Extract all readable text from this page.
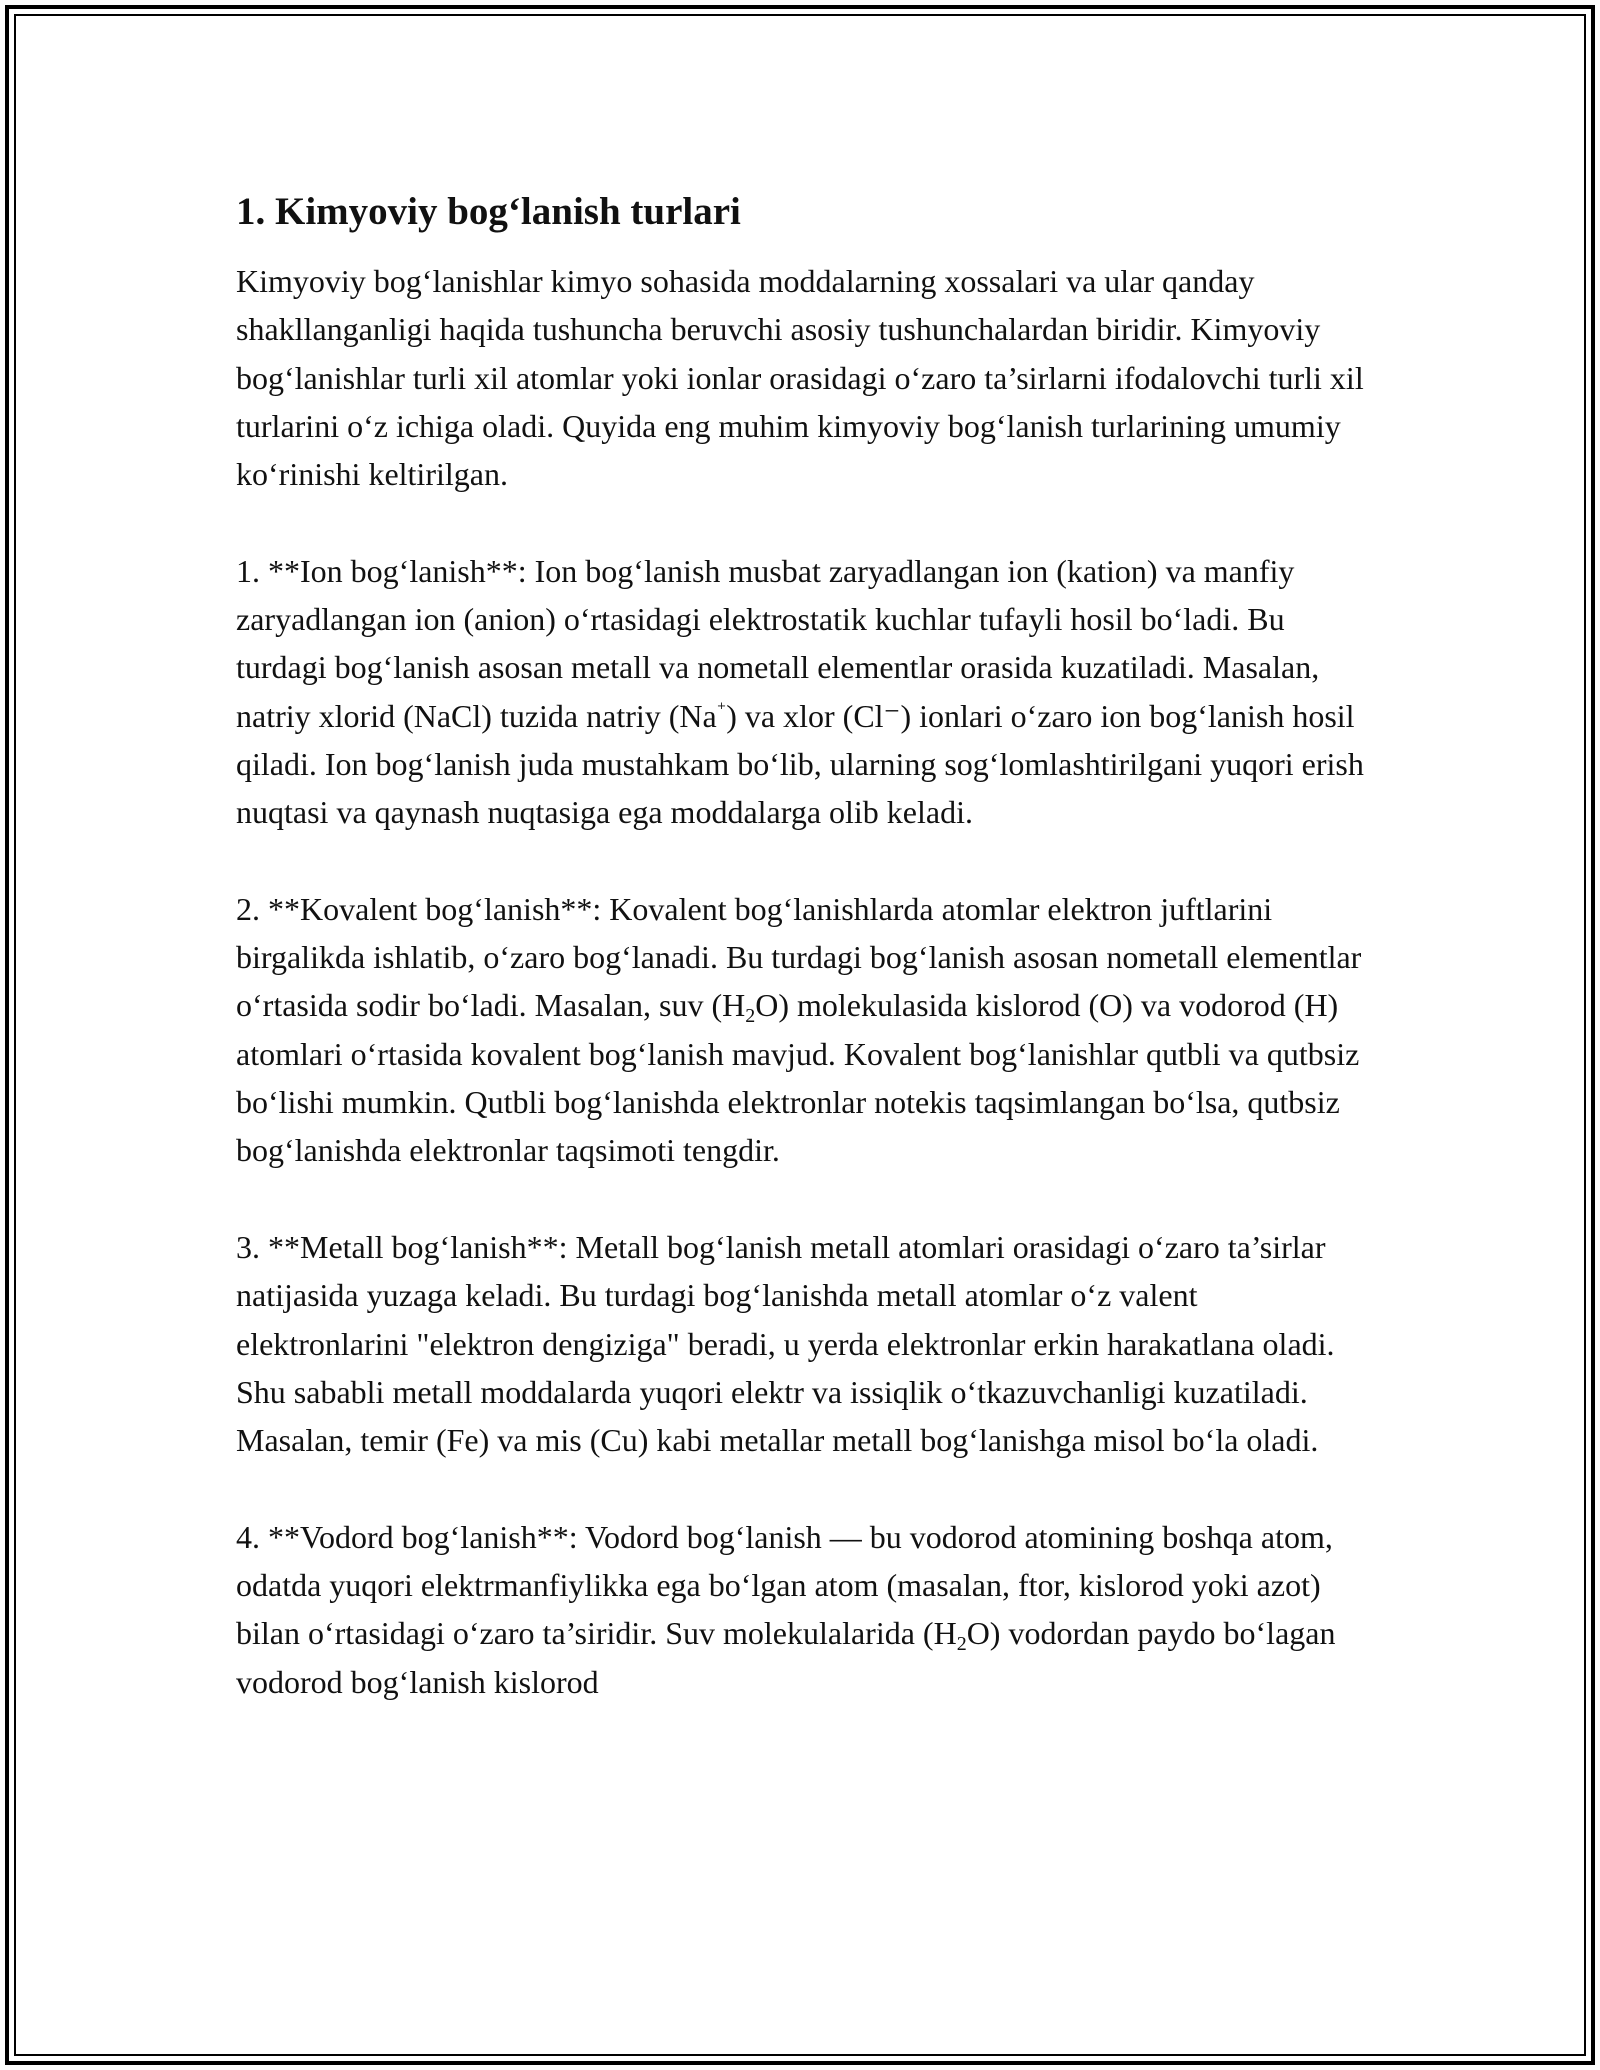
1. Kimyoviy bog‘lanish turlari

Kimyoviy bog‘lanishlar kimyo sohasida moddalarning xossalari va ular qanday shakllanganligi haqida tushuncha beruvchi asosiy tushunchalardan biridir. Kimyoviy bog‘lanishlar turli xil atomlar yoki ionlar orasidagi o‘zaro ta’sirlarni ifodalovchi turli xil turlarini o‘z ichiga oladi. Quyida eng muhim kimyoviy bog‘lanish turlarining umumiy ko‘rinishi keltirilgan.

1. **Ion bog‘lanish**: Ion bog‘lanish musbat zaryadlangan ion (kation) va manfiy zaryadlangan ion (anion) o‘rtasidagi elektrostatik kuchlar tufayli hosil bo‘ladi. Bu turdagi bog‘lanish asosan metall va nometall elementlar orasida kuzatiladi. Masalan, natriy xlorid (NaCl) tuzida natriy (Na⁺) va xlor (Cl⁻) ionlari o‘zaro ion bog‘lanish hosil qiladi. Ion bog‘lanish juda mustahkam bo‘lib, ularning sog‘lomlashtirilgani yuqori erish nuqtasi va qaynash nuqtasiga ega moddalarga olib keladi.

2. **Kovalent bog‘lanish**: Kovalent bog‘lanishlarda atomlar elektron juftlarini birgalikda ishlatib, o‘zaro bog‘lanadi. Bu turdagi bog‘lanish asosan nometall elementlar o‘rtasida sodir bo‘ladi. Masalan, suv $(H_2O)$ molekulasida kislorod (O) va vodorod (H) atomlari o‘rtasida kovalent bog‘lanish mavjud. Kovalent bog‘lanishlar qutbli va qutbsiz bo‘lishi mumkin. Qutbli bog‘lanishda elektronlar notekis taqsimlangan bo‘lsa, qutbsiz bog‘lanishda elektronlar taqsimoti tengdir.

3. **Metall bog‘lanish**: Metall bog‘lanish metall atomlari orasidagi o‘zaro ta’sirlar natijasida yuzaga keladi. Bu turdagi bog‘lanishda metall atomlar o‘z valent elektronlarini "elektron dengiziga" beradi, u yerda elektronlar erkin harakatlana oladi. Shu sababli metall moddalarda yuqori elektr va issiqlik o‘tkazuvchanligi kuzatiladi. Masalan, temir (Fe) va mis (Cu) kabi metallar metall bog‘lanishga misol bo‘la oladi.

4. **Vodord bog‘lanish**: Vodord bog‘lanish — bu vodorod atomining boshqa atom, odatda yuqori elektrmanfiylikka ega bo‘lgan atom (masalan, ftor, kislorod yoki azot) bilan o‘rtasidagi o‘zaro ta’siridir. Suv molekulalarida $(H_2O)$ vodordan paydo bo‘lagan vodorod bog‘lanish kislorod
